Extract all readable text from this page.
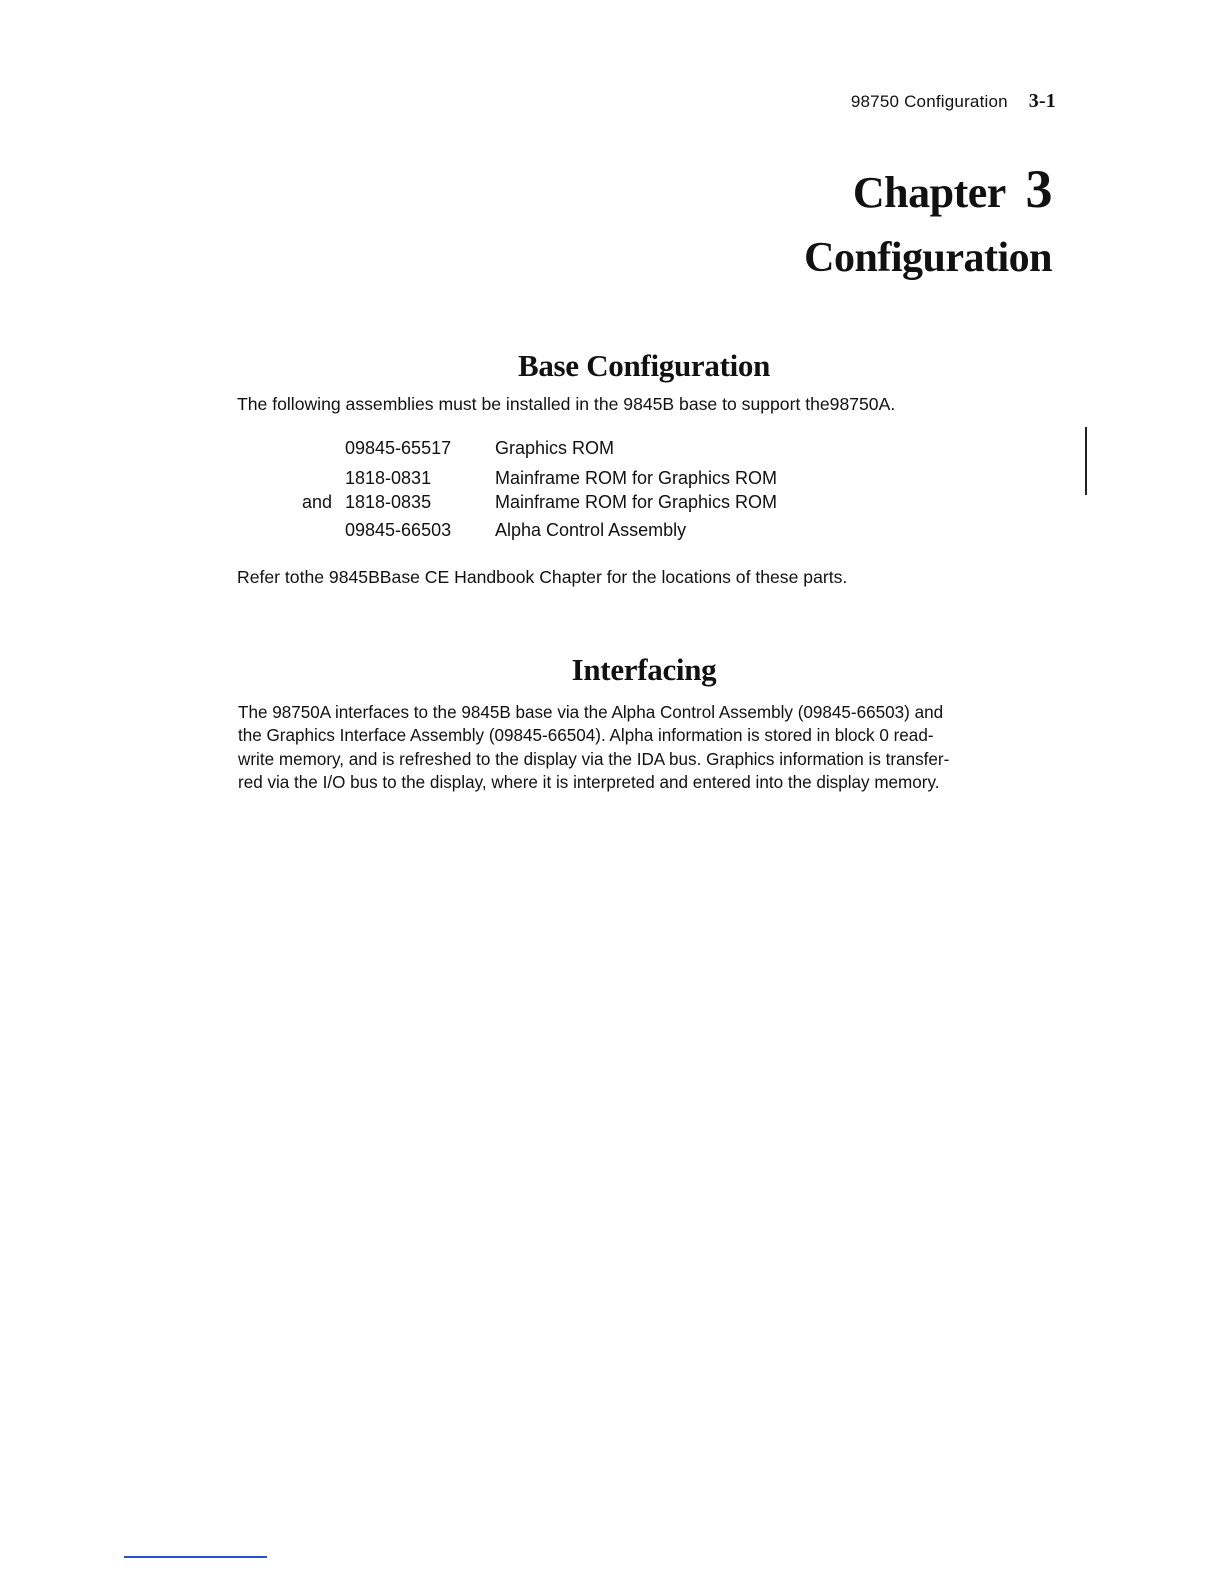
98750 Configuration 3-1
Chapter 3
Configuration
Base Configuration
The following assemblies must be installed in the 9845B base to support the98750A.
09845-65517 Graphics ROM
1818-0831	Mainframe ROM for Graphics ROM
and 1818-0835	Mainframe ROM for Graphics ROM
09845-66503 Alpha Control Assembly
Refer tothe 9845BBase CE Handbook Chapter for the locations of these parts.
Interfacing
The 98750A interfaces to the 9845B base via the Alpha Control Assembly (09845-66503) and
the Graphics Interface Assembly (09845-66504). Alpha information is stored in block 0 read-
write memory, and is refreshed to the display via the IDA bus. Graphics information is transfer-
red via the I/O bus to the display, where it is interpreted and entered into the display memory.
